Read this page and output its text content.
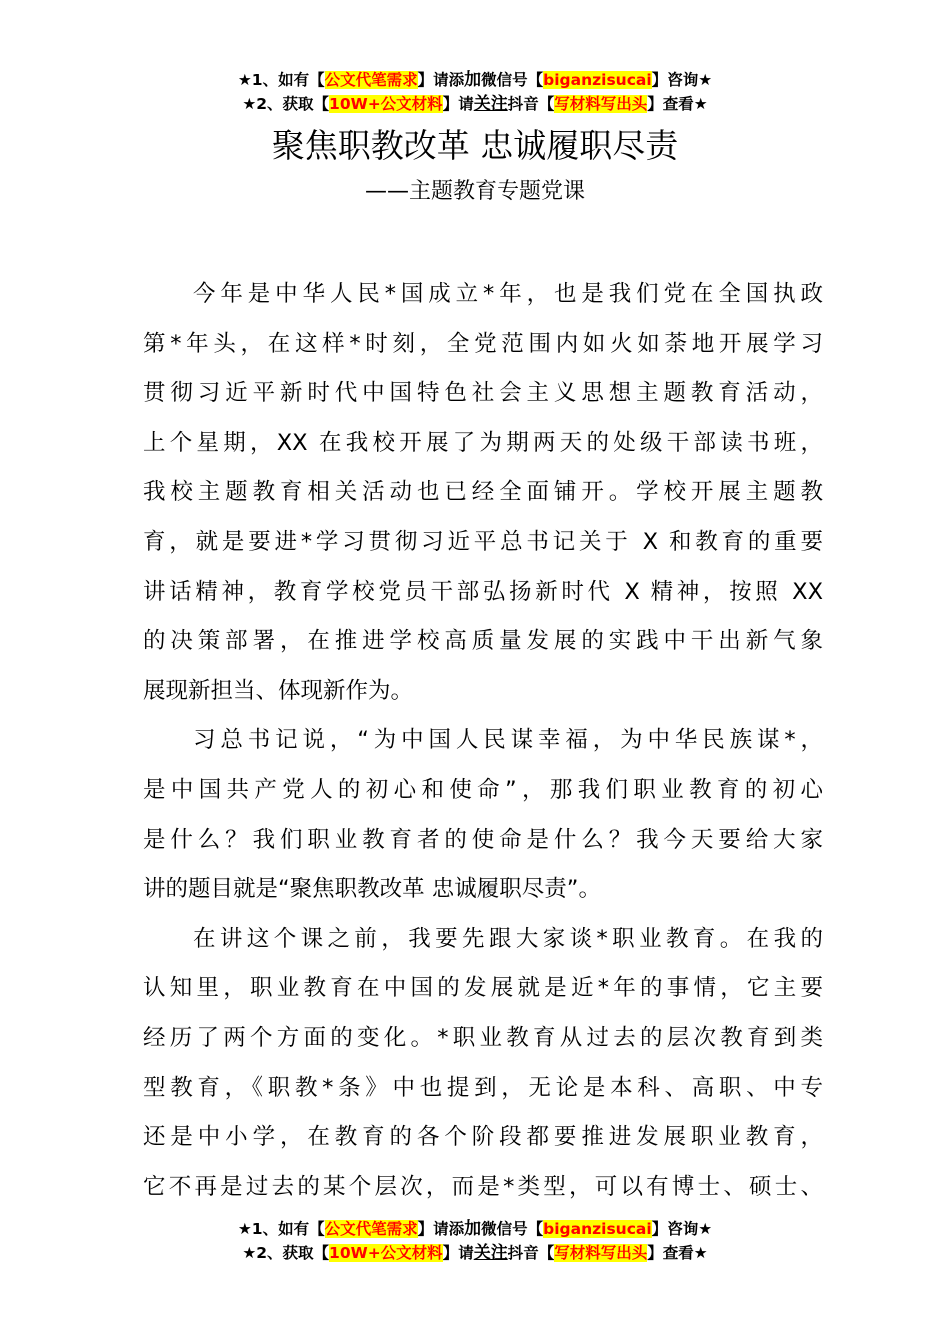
★1、如有【公文代笔需求】请添加微信号【biganzisucai】咨询★
★2、获取【10W+公文材料】请关注抖音【写材料写出头】查看★
聚焦职教改革 忠诚履职尽责
——主题教育专题党课
今年是中华人民*国成立*年，也是我们党在全国执政
第*年头，在这样*时刻，全党范围内如火如荼地开展学习
贯彻习近平新时代中国特色社会主义思想主题教育活动，
上个星期，XX 在我校开展了为期两天的处级干部读书班，
我校主题教育相关活动也已经全面铺开。学校开展主题教
育，就是要进*学习贯彻习近平总书记关于 X 和教育的重要
讲话精神，教育学校党员干部弘扬新时代 X 精神，按照 XX
的决策部署，在推进学校高质量发展的实践中干出新气象
展现新担当、体现新作为。
习总书记说，“为中国人民谋幸福，为中华民族谋*，
是中国共产党人的初心和使命”，那我们职业教育的初心
是什么？我们职业教育者的使命是什么？我今天要给大家
讲的题目就是“聚焦职教改革 忠诚履职尽责”。
在讲这个课之前，我要先跟大家谈*职业教育。在我的
认知里，职业教育在中国的发展就是近*年的事情，它主要
经历了两个方面的变化。*职业教育从过去的层次教育到类
型教育，《职教*条》中也提到，无论是本科、高职、中专
还是中小学，在教育的各个阶段都要推进发展职业教育，
它不再是过去的某个层次，而是*类型，可以有博士、硕士、
★1、如有【公文代笔需求】请添加微信号【biganzisucai】咨询★
★2、获取【10W+公文材料】请关注抖音【写材料写出头】查看★
